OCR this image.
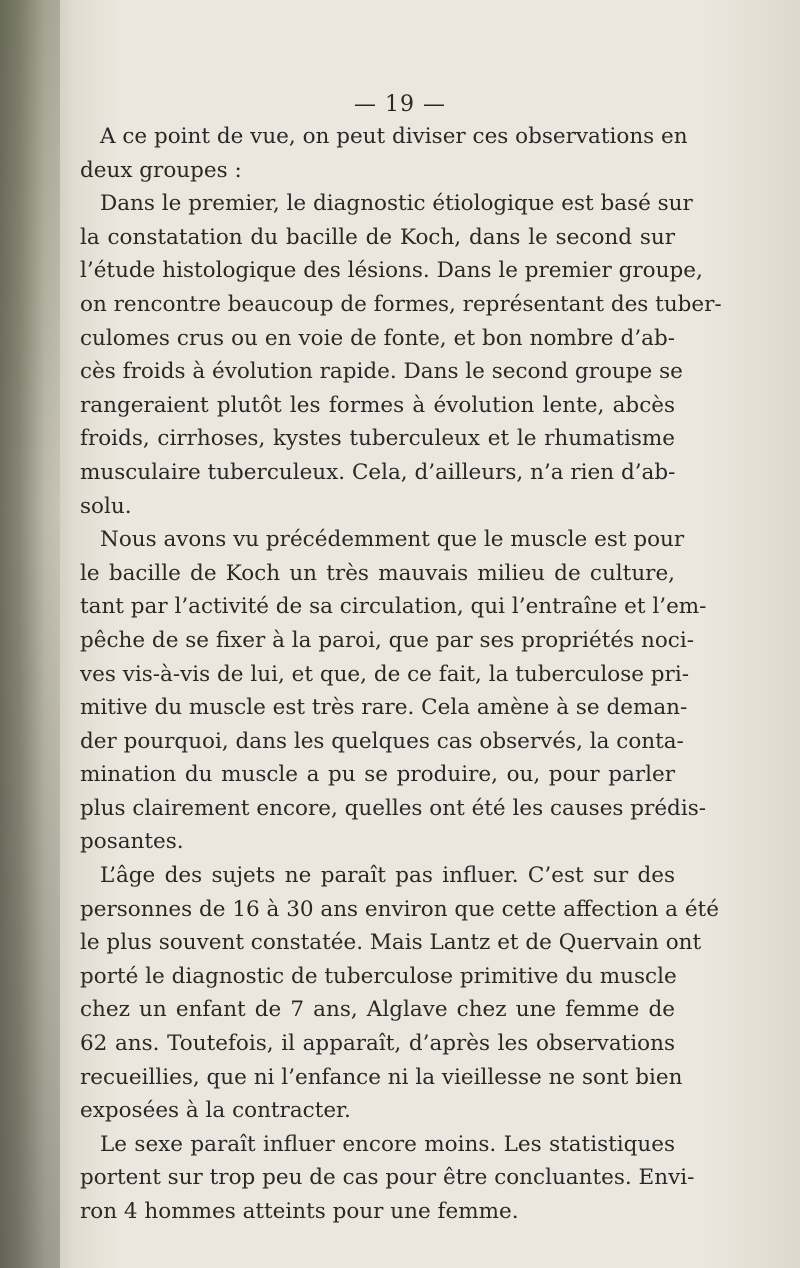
— 19 —
A ce point de vue, on peut diviser ces observations en
deux groupes :
Dans le premier, le diagnostic étiologique est basé sur
la constatation du bacille de Koch, dans le second sur
l’étude histologique des lésions. Dans le premier groupe,
on rencontre beaucoup de formes, représentant des tuber-
culomes crus ou en voie de fonte, et bon nombre d’ab-
cès froids à évolution rapide. Dans le second groupe se
rangeraient plutôt les formes à évolution lente, abcès
froids, cirrhoses, kystes tuberculeux et le rhumatisme
musculaire tuberculeux. Cela, d’ailleurs, n’a rien d’ab-
solu.
Nous avons vu précédemment que le muscle est pour
le bacille de Koch un très mauvais milieu de culture,
tant par l’activité de sa circulation, qui l’entraîne et l’em-
pêche de se fixer à la paroi, que par ses propriétés noci-
ves vis-à-vis de lui, et que, de ce fait, la tuberculose pri-
mitive du muscle est très rare. Cela amène à se deman-
der pourquoi, dans les quelques cas observés, la conta-
mination du muscle a pu se produire, ou, pour parler
plus clairement encore, quelles ont été les causes prédis-
posantes.
L’âge des sujets ne paraît pas influer. C’est sur des
personnes de 16 à 30 ans environ que cette affection a été
le plus souvent constatée. Mais Lantz et de Quervain ont
porté le diagnostic de tuberculose primitive du muscle
chez un enfant de 7 ans, Alglave chez une femme de
62 ans. Toutefois, il apparaît, d’après les observations
recueillies, que ni l’enfance ni la vieillesse ne sont bien
exposées à la contracter.
Le sexe paraît influer encore moins. Les statistiques
portent sur trop peu de cas pour être concluantes. Envi-
ron 4 hommes atteints pour une femme.
